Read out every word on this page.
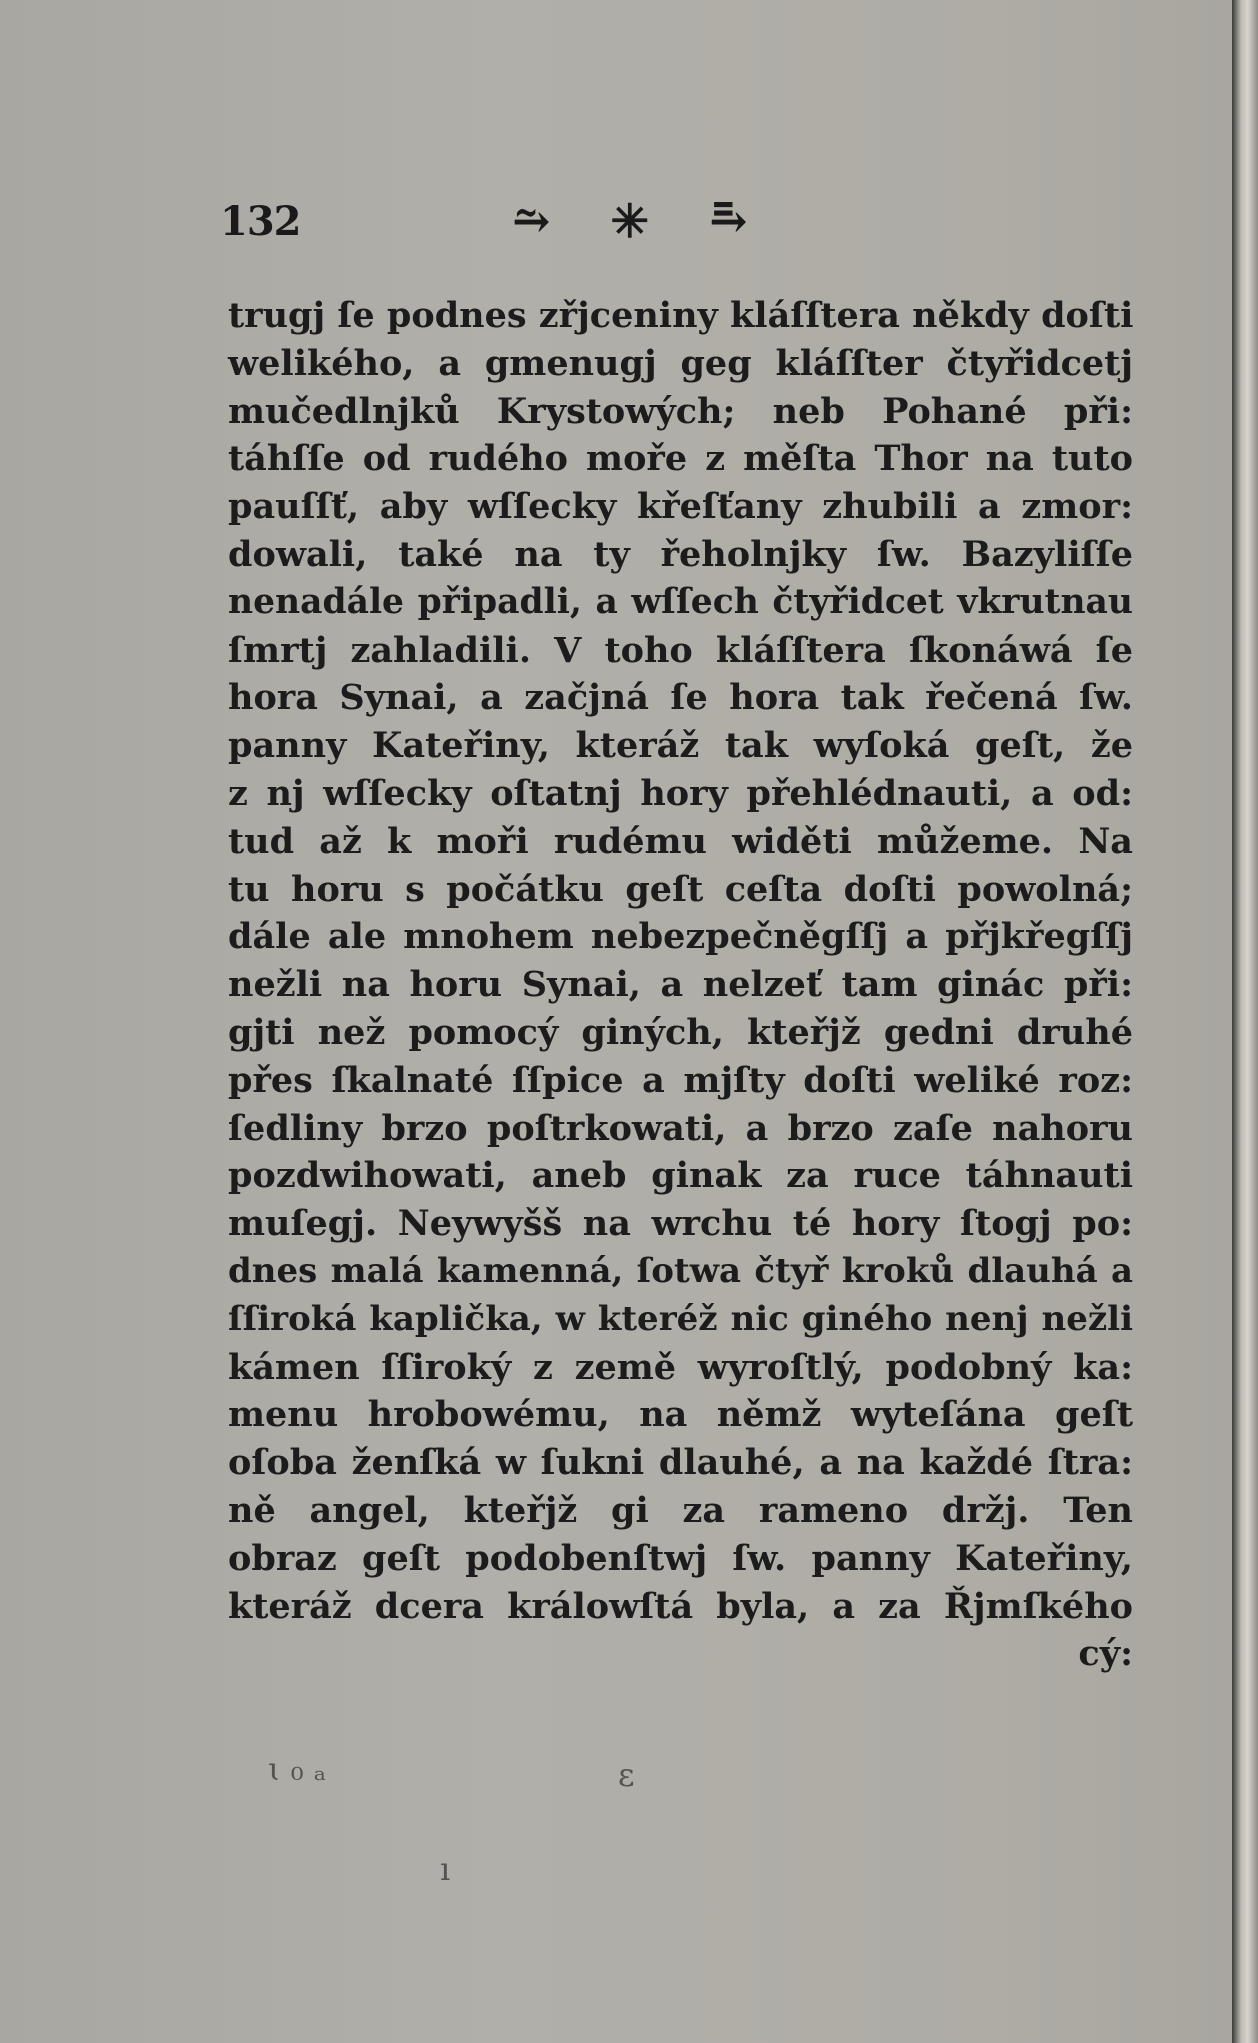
132	⥲ ✳ ⥱
trugj ſe podnes zřjceniny kláſſtera někdy doſti
welikého, a gmenugj geg kláſſter čtyřidcetj
mučedlnjků Krystowých; neb Pohané při:
táhſſe od rudého moře z měſta Thor na tuto
pauſſť, aby wſſecky křeſťany zhubili a zmor:
dowali, také na ty řeholnjky ſw. Bazyliſſe
nenadále připadli, a wſſech čtyřidcet vkrutnau
ſmrtj zahladili. V toho kláſſtera ſkonáwá ſe
hora Synai, a začjná ſe hora tak řečená ſw.
panny Kateřiny, kteráž tak wyſoká geſt, že
z nj wſſecky oſtatnj hory přehlédnauti, a od:
tud až k moři rudému widěti můžeme. Na
tu horu s počátku geſt ceſta doſti powolná;
dále ale mnohem nebezpečněgſſj a přjkřegſſj
nežli na horu Synai, a nelzeť tam ginác při:
gjti než pomocý giných, kteřjž gedni druhé
přes ſkalnaté ſſpice a mjſty doſti weliké roz:
ſedliny brzo poſtrkowati, a brzo zaſe nahoru
pozdwihowati, aneb ginak za ruce táhnauti
muſegj. Neywyšš na wrchu té hory ſtogj po:
dnes malá kamenná, ſotwa čtyř kroků dlauhá a
ſſiroká kaplička, w kteréž nic giného nenj nežli
kámen ſſiroký z země wyroſtlý, podobný ka:
menu hrobowému, na němž wyteſána geſt
oſoba ženſká w ſukni dlauhé, a na každé ſtra:
ně angel, kteřjž gi za rameno držj. Ten
obraz geſt podobenſtwj ſw. panny Kateřiny,
kteráž dcera králowſtá byla, a za Řjmſkého
cý:
ɩ ₀ ₐ	ɛ
ı
